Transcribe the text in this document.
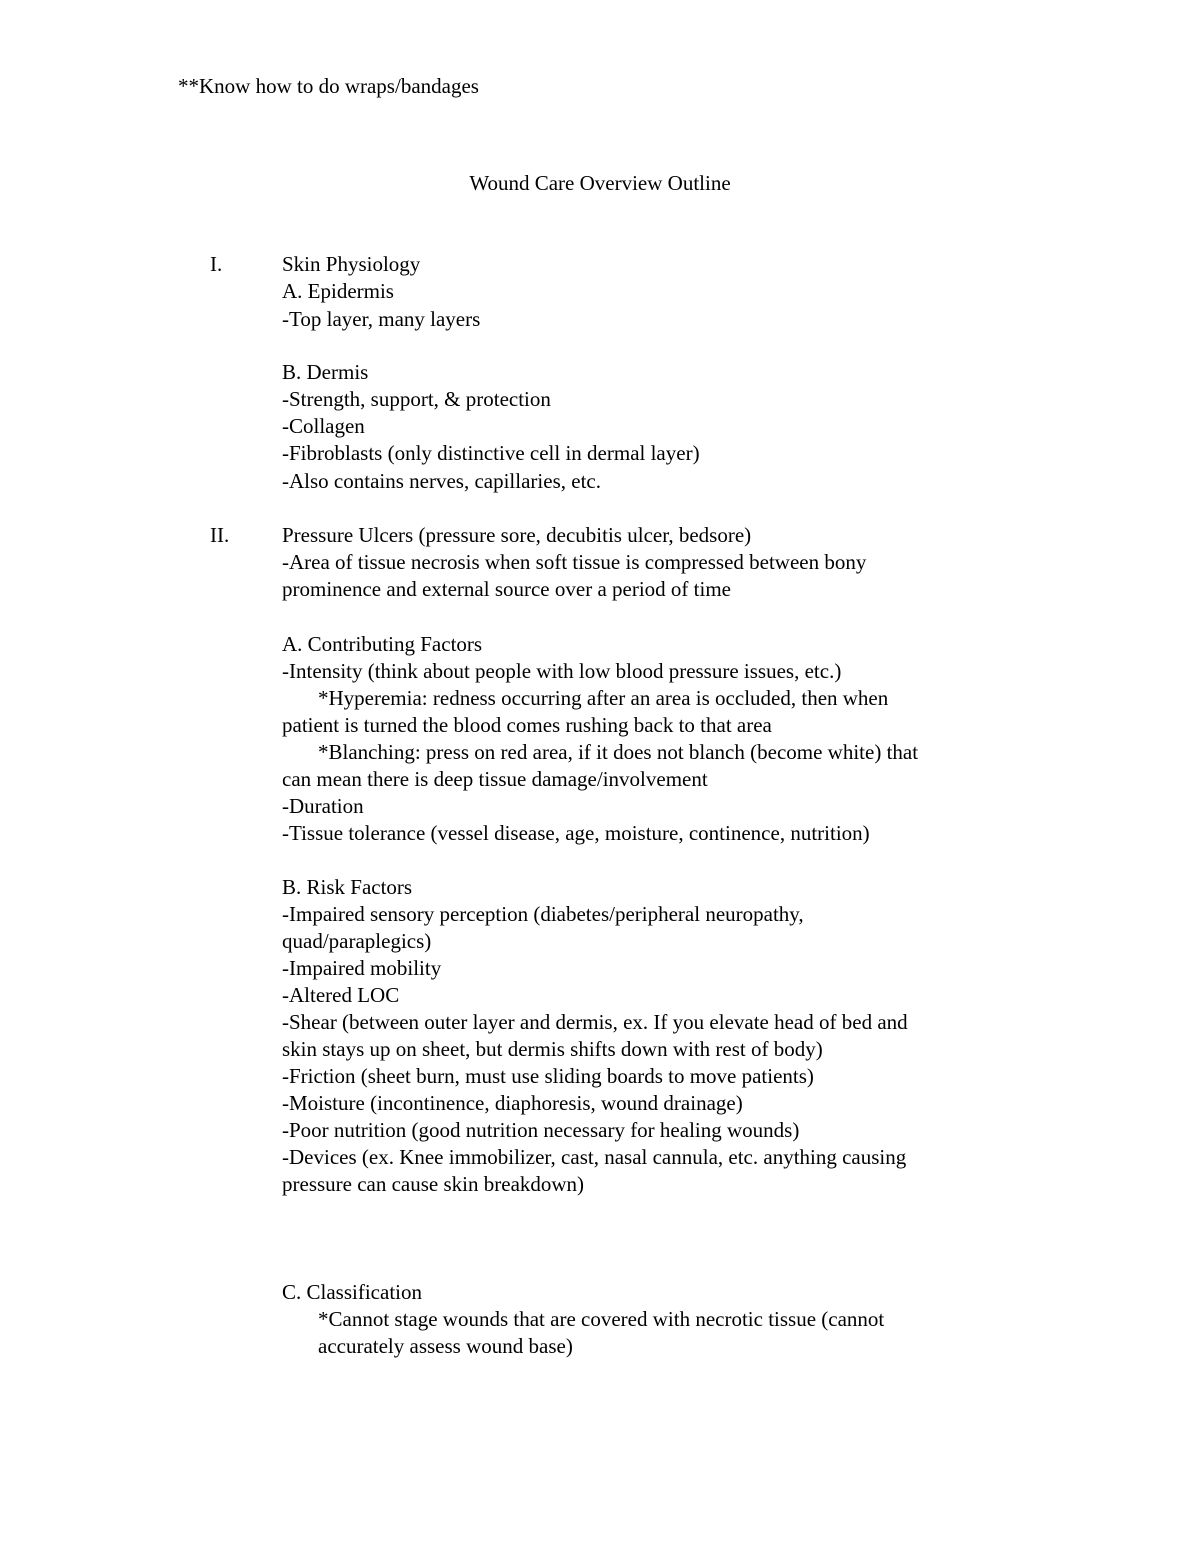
**Know how to do wraps/bandages
Wound Care Overview Outline
I.	Skin Physiology
A. Epidermis
-Top layer, many layers
B. Dermis
-Strength, support, & protection
-Collagen
-Fibroblasts (only distinctive cell in dermal layer)
-Also contains nerves, capillaries, etc.
II.	Pressure Ulcers (pressure sore, decubitis ulcer, bedsore)
-Area of tissue necrosis when soft tissue is compressed between bony
prominence and external source over a period of time
A. Contributing Factors
-Intensity (think about people with low blood pressure issues, etc.)
*Hyperemia: redness occurring after an area is occluded, then when
patient is turned the blood comes rushing back to that area
*Blanching: press on red area, if it does not blanch (become white) that
can mean there is deep tissue damage/involvement
-Duration
-Tissue tolerance (vessel disease, age, moisture, continence, nutrition)
B. Risk Factors
-Impaired sensory perception (diabetes/peripheral neuropathy,
quad/paraplegics)
-Impaired mobility
-Altered LOC
-Shear (between outer layer and dermis, ex. If you elevate head of bed and
skin stays up on sheet, but dermis shifts down with rest of body)
-Friction (sheet burn, must use sliding boards to move patients)
-Moisture (incontinence, diaphoresis, wound drainage)
-Poor nutrition (good nutrition necessary for healing wounds)
-Devices (ex. Knee immobilizer, cast, nasal cannula, etc. anything causing
pressure can cause skin breakdown)
C. Classification
*Cannot stage wounds that are covered with necrotic tissue (cannot
accurately assess wound base)
